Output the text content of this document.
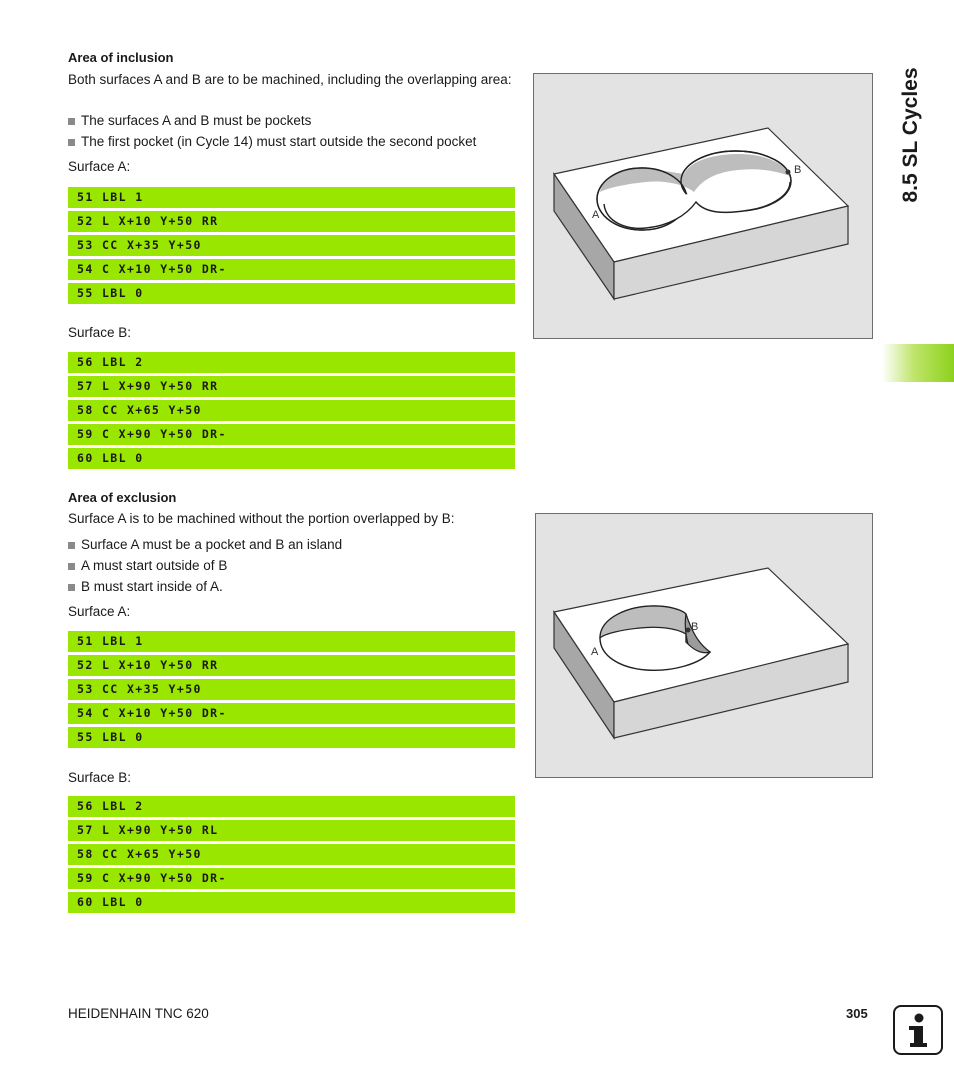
Area of inclusion
Both surfaces A and B are to be machined, including the overlapping area:
The surfaces A and B must be pockets
The first pocket (in Cycle 14) must start outside the second pocket
Surface A:
51 LBL 1
52 L X+10 Y+50 RR
53 CC X+35 Y+50
54 C X+10 Y+50 DR-
55 LBL 0
Surface B:
56 LBL 2
57 L X+90 Y+50 RR
58 CC X+65 Y+50
59 C X+90 Y+50 DR-
60 LBL 0
A
B
Area of exclusion
Surface A is to be machined without the portion overlapped by B:
Surface A must be a pocket and B an island
A must start outside of B
B must start inside of A.
Surface A:
51 LBL 1
52 L X+10 Y+50 RR
53 CC X+35 Y+50
54 C X+10 Y+50 DR-
55 LBL 0
Surface B:
56 LBL 2
57 L X+90 Y+50 RL
58 CC X+65 Y+50
59 C X+90 Y+50 DR-
60 LBL 0
A
B
8.5 SL Cycles
HEIDENHAIN TNC 620	305
